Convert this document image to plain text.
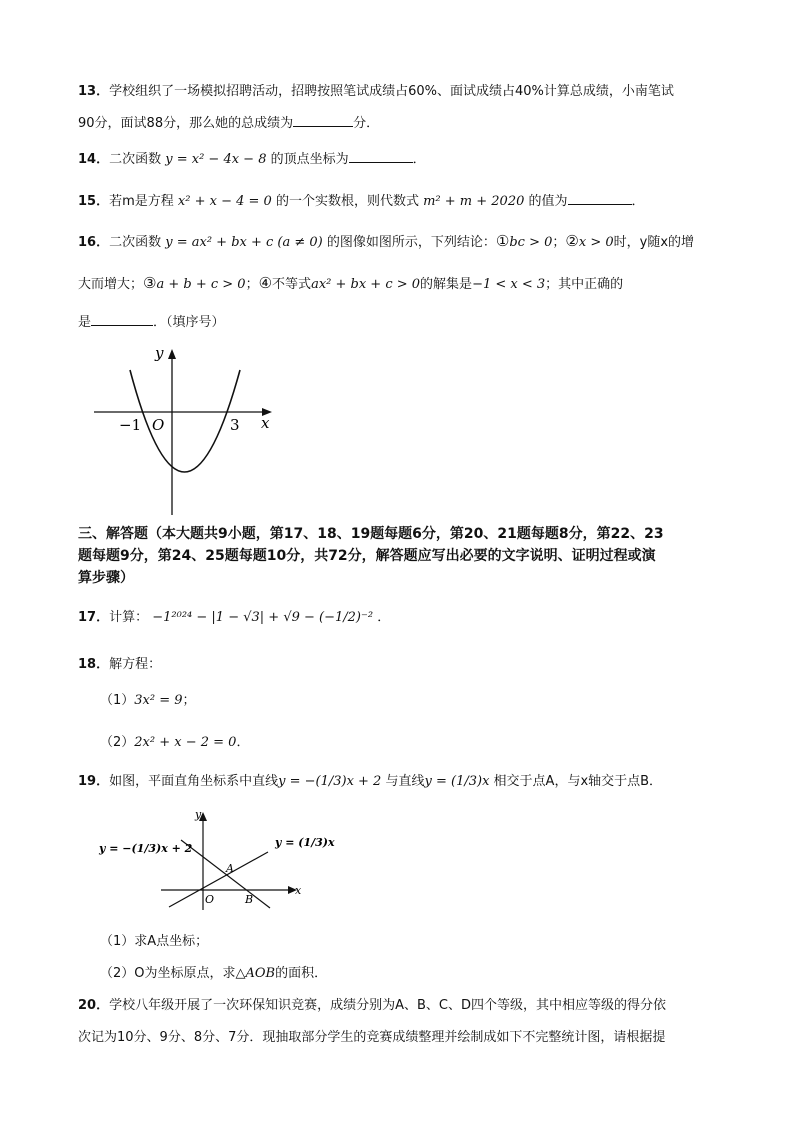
13．学校组织了一场模拟招聘活动，招聘按照笔试成绩占60%、面试成绩占40%计算总成绩，小南笔试
90分，面试88分，那么她的总成绩为	分．
14．二次函数 y = x² − 4x − 8 的顶点坐标为	．
15．若m是方程 x² + x − 4 = 0 的一个实数根，则代数式 m² + m + 2020 的值为	．
16．二次函数 y = ax² + bx + c (a ≠ 0) 的图像如图所示，下列结论：①bc > 0；②x > 0时，y随x的增
大而增大；③a + b + c > 0；④不等式ax² + bx + c > 0的解集是−1 < x < 3；其中正确的
是	．（填序号）
y
x
O
−1	3
三、解答题（本大题共9小题，第17、18、19题每题6分，第20、21题每题8分，第22、23
题每题9分，第24、25题每题10分，共72分，解答题应写出必要的文字说明、证明过程或演
算步骤）
17．计算： −1²⁰²⁴ − |1 − √3| + √9 − (−1/2)⁻² ．
18．解方程：
（1）3x² = 9；
（2）2x² + x − 2 = 0．
19．如图，平面直角坐标系中直线y = −(1/3)x + 2 与直线y = (1/3)x 相交于点A，与x轴交于点B．
y = −(1/3)x + 2	y = (1/3)x
y
x
O
A
B
（1）求A点坐标；
（2）O为坐标原点，求△AOB的面积．
20．学校八年级开展了一次环保知识竞赛，成绩分别为A、B、C、D四个等级，其中相应等级的得分依
次记为10分、9分、8分、7分．现抽取部分学生的竞赛成绩整理并绘制成如下不完整统计图，请根据提
